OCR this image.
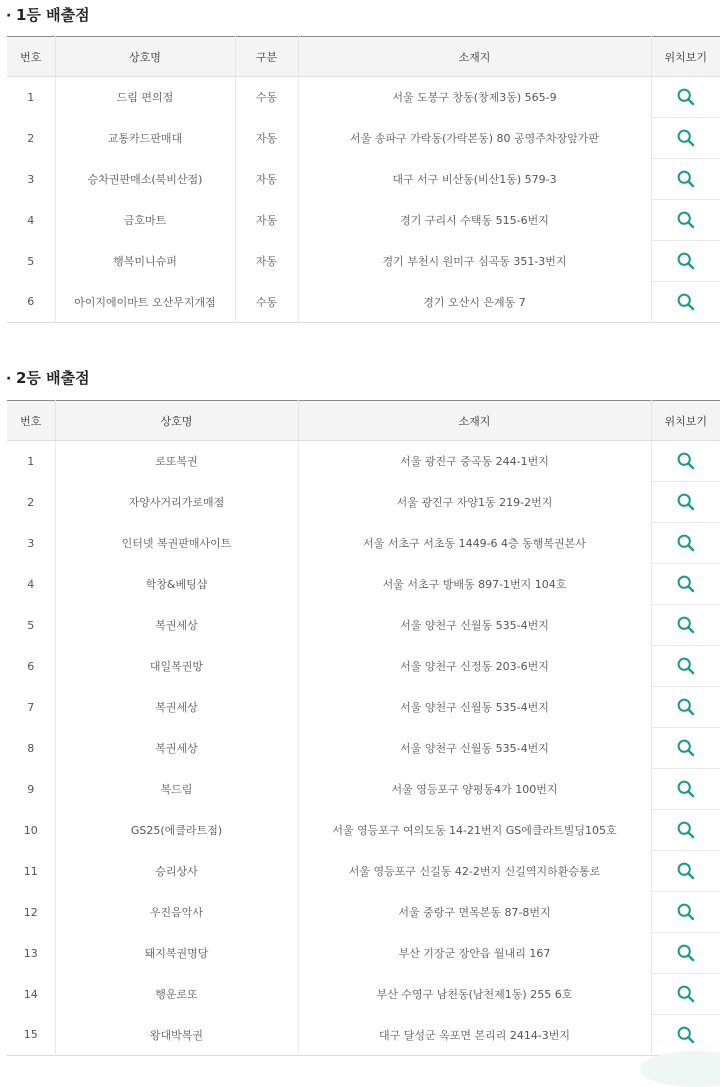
· 1등 배출점
번호	상호명	구분	소재지	위치보기
1	드림 편의점	수동	서울 도봉구 창동(창제3동) 565-9	

2	교통카드판매대	자동	서울 송파구 가락동(가락본동) 80 공영주차장앞가판	

3	승차권판매소(북비산점)	자동	대구 서구 비산동(비산1동) 579-3	

4	금호마트	자동	경기 구리시 수택동 515-6번지	

5	행복미니슈퍼	자동	경기 부천시 원미구 심곡동 351-3번지	

6	아이지에이마트 오산무지개점	수동	경기 오산시 은계동 7	
· 2등 배출점
번호	상호명	소재지	위치보기
1	로또복권	서울 광진구 중곡동 244-1번지	

2	자양사거리가로매점	서울 광진구 자양1동 219-2번지	

3	인터넷 복권판매사이트	서울 서초구 서초동 1449-6 4층 동행복권본사	

4	학창&베팅샵	서울 서초구 방배동 897-1번지 104호	

5	복권세상	서울 양천구 신월동 535-4번지	

6	대일복권방	서울 양천구 신정동 203-6번지	

7	복권세상	서울 양천구 신월동 535-4번지	

8	복권세상	서울 양천구 신월동 535-4번지	

9	복드림	서울 영등포구 양평동4가 100번지	

10	GS25(에클라트점)	서울 영등포구 여의도동 14-21번지 GS에클라트빌딩105호	

11	승리상사	서울 영등포구 신길동 42-2번지 신길역지하환승통로	

12	우진음악사	서울 중랑구 면목본동 87-8번지	

13	돼지복권명당	부산 기장군 장안읍 월내리 167	

14	행운로또	부산 수영구 남천동(남천제1동) 255 6호	

15	왕대박복권	대구 달성군 옥포면 본리리 2414-3번지	
